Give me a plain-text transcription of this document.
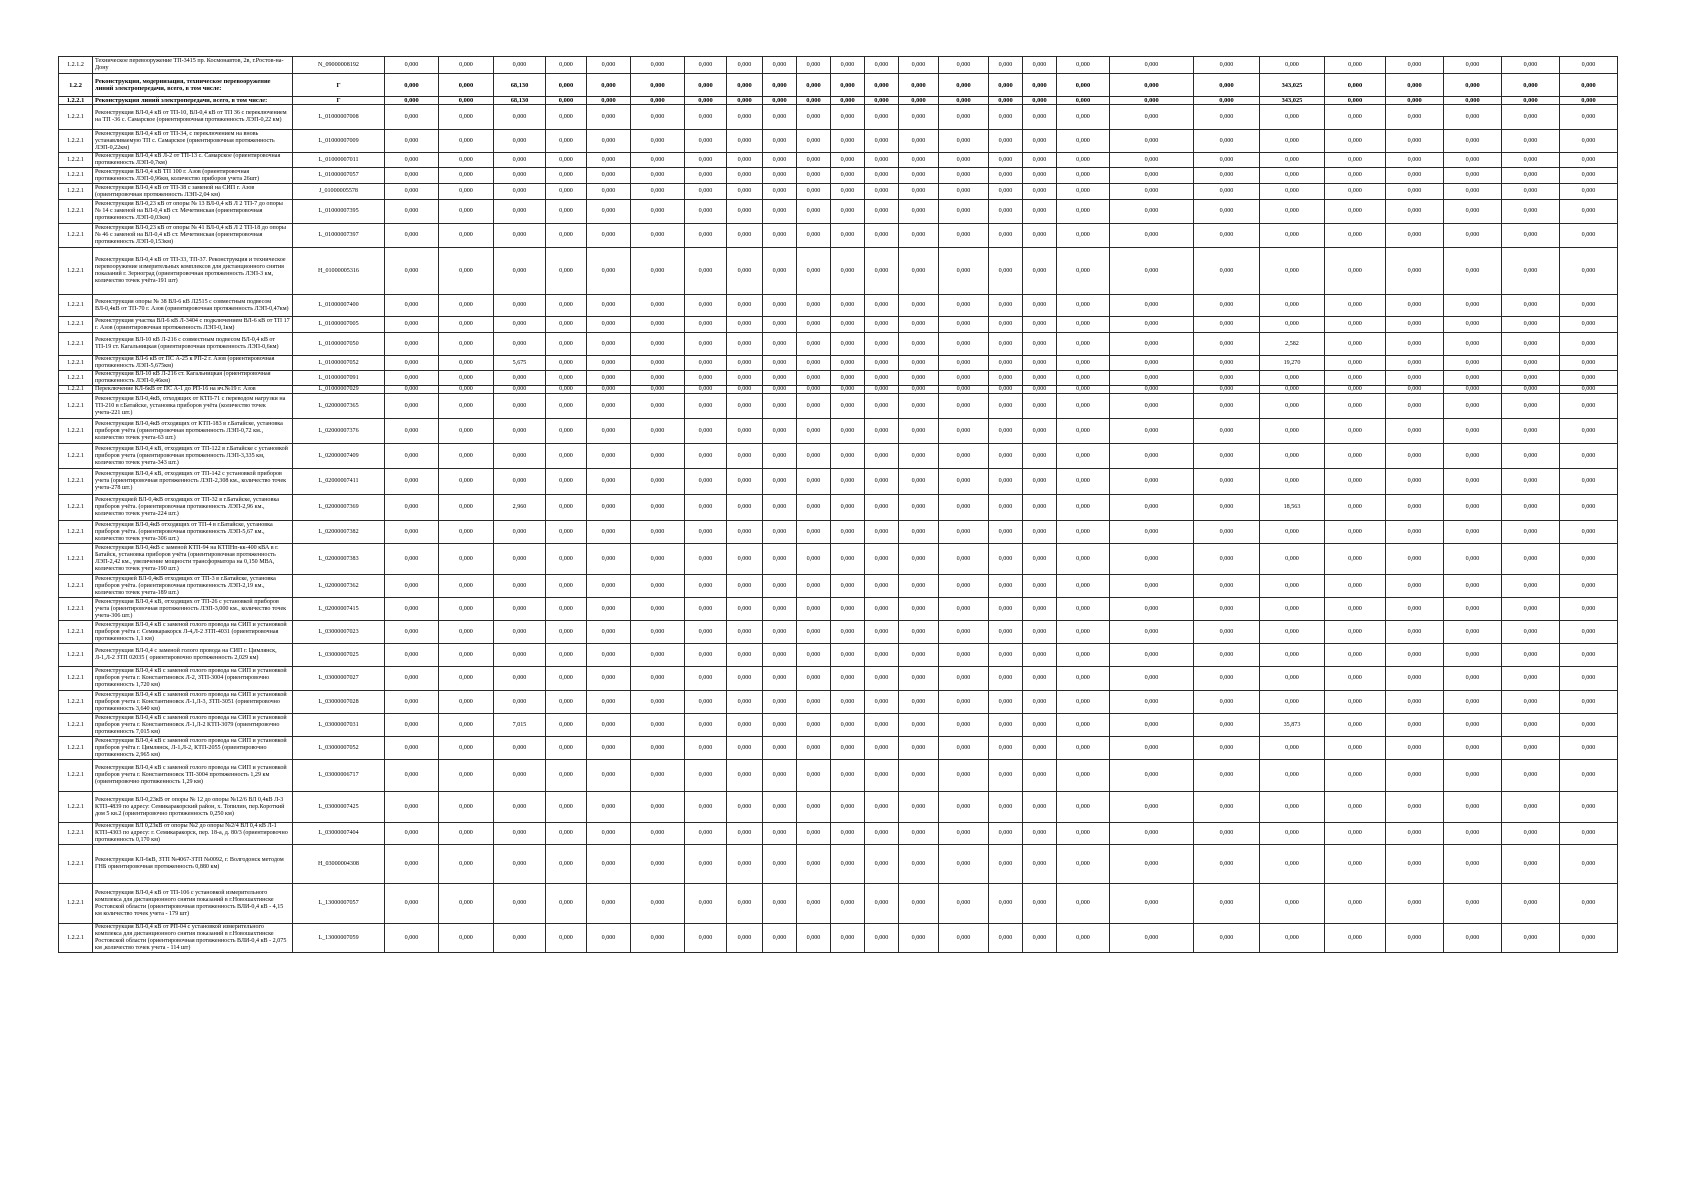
1.2.1.2	Техническое перевооружение ТП-3415 пр. Космонавтов, 2в, г.Ростов-на-Дону	N_09000008192	0,000	0,000	0,000	0,000	0,000	0,000	0,000	0,000	0,000	0,000	0,000	0,000	0,000	0,000	0,000	0,000	0,000	0,000	0,000	0,000	0,000	0,000	0,000	0,000	0,000	
1.2.2	Реконструкция, модернизация, техническое перевооружение линий электропередачи, всего, в том числе:	Г	0,000	0,000	68,130	0,000	0,000	0,000	0,000	0,000	0,000	0,000	0,000	0,000	0,000	0,000	0,000	0,000	0,000	0,000	0,000	343,025	0,000	0,000	0,000	0,000	0,000	
1.2.2.1	Реконструкция линий электропередачи, всего, в том числе:	Г	0,000	0,000	68,130	0,000	0,000	0,000	0,000	0,000	0,000	0,000	0,000	0,000	0,000	0,000	0,000	0,000	0,000	0,000	0,000	343,025	0,000	0,000	0,000	0,000	0,000	
1.2.2.1	Реконструкция ВЛ-0,4 кВ от ТП-10, ВЛ-0,4 кВ от ТП 36 с переключением на ТП -36 с. Самарское (ориентировочная протяженность ЛЭП-0,22 км)	L_01000007008	0,000	0,000	0,000	0,000	0,000	0,000	0,000	0,000	0,000	0,000	0,000	0,000	0,000	0,000	0,000	0,000	0,000	0,000	0,000	0,000	0,000	0,000	0,000	0,000	0,000	
1.2.2.1	Реконструкция ВЛ-0,4 кВ от ТП-34, с переключением на вновь устанавливаемую ТП с. Самарское (ориентировочная протяженность ЛЭП-0,22км)	L_01000007009	0,000	0,000	0,000	0,000	0,000	0,000	0,000	0,000	0,000	0,000	0,000	0,000	0,000	0,000	0,000	0,000	0,000	0,000	0,000	0,000	0,000	0,000	0,000	0,000	0,000	
1.2.2.1	Реконструкция ВЛ-0,4 кВ Л-2 от ТП-13 с. Самарское (ориентировочная протяженность ЛЭП-0,7км)	L_01000007011	0,000	0,000	0,000	0,000	0,000	0,000	0,000	0,000	0,000	0,000	0,000	0,000	0,000	0,000	0,000	0,000	0,000	0,000	0,000	0,000	0,000	0,000	0,000	0,000	0,000	
1.2.2.1	Реконструкция ВЛ-0,4 кВ ТП 100 г. Азов (ориентировочная протяженность ЛЭП-0,96км, количество приборов учета 26шт)	L_01000007057	0,000	0,000	0,000	0,000	0,000	0,000	0,000	0,000	0,000	0,000	0,000	0,000	0,000	0,000	0,000	0,000	0,000	0,000	0,000	0,000	0,000	0,000	0,000	0,000	0,000	
1.2.2.1	Реконструкция ВЛ-0,4 кВ от ТП-38 с заменой на СИП г. Азов (ориентировочная протяженность ЛЭП-2,04 км)	J_01000005578	0,000	0,000	0,000	0,000	0,000	0,000	0,000	0,000	0,000	0,000	0,000	0,000	0,000	0,000	0,000	0,000	0,000	0,000	0,000	0,000	0,000	0,000	0,000	0,000	0,000	
1.2.2.1	Реконструкция ВЛ-0,23 кВ от опоры № 13 ВЛ-0,4 кВ Л 2 ТП-7 до опоры № 14 с заменой на ВЛ-0,4 кВ ст. Мечетинская (ориентировочная протяженность ЛЭП-0,03км)	L_01000007395	0,000	0,000	0,000	0,000	0,000	0,000	0,000	0,000	0,000	0,000	0,000	0,000	0,000	0,000	0,000	0,000	0,000	0,000	0,000	0,000	0,000	0,000	0,000	0,000	0,000	
1.2.2.1	Реконструкция ВЛ-0,23 кВ от опоры № 41 ВЛ-0,4 кВ Л 2 ТП-18 до опоры № 46 с заменой на ВЛ-0,4 кВ ст. Мечетинская (ориентировочная протяженность ЛЭП-0,153км)	L_01000007397	0,000	0,000	0,000	0,000	0,000	0,000	0,000	0,000	0,000	0,000	0,000	0,000	0,000	0,000	0,000	0,000	0,000	0,000	0,000	0,000	0,000	0,000	0,000	0,000	0,000	
1.2.2.1	Реконструкция ВЛ-0,4 кВ от ТП-33, ТП-37. Реконструкция и техническое перевооружение измерительных комплексов для дистанционного снятия показаний г. Зерноград (ориентировочная протяженность ЛЭП-3 км, количество точек учёта-191 шт)	H_01000005316	0,000	0,000	0,000	0,000	0,000	0,000	0,000	0,000	0,000	0,000	0,000	0,000	0,000	0,000	0,000	0,000	0,000	0,000	0,000	0,000	0,000	0,000	0,000	0,000	0,000	
1.2.2.1	Реконструкция опоры № 38 ВЛ-6 кВ Л2515 с совместным подвесом ВЛ-0,4кВ от ТП-70 г. Азов (ориентировочная протяженность ЛЭП-0,47км)	L_01000007400	0,000	0,000	0,000	0,000	0,000	0,000	0,000	0,000	0,000	0,000	0,000	0,000	0,000	0,000	0,000	0,000	0,000	0,000	0,000	0,000	0,000	0,000	0,000	0,000	0,000	
1.2.2.1	Реконструкция участка ВЛ-6 кВ Л-3404 с подключением ВЛ-6 кВ от ТП 17 г. Азов (ориентировочная протяженность ЛЭП-0,1км)	L_01000007005	0,000	0,000	0,000	0,000	0,000	0,000	0,000	0,000	0,000	0,000	0,000	0,000	0,000	0,000	0,000	0,000	0,000	0,000	0,000	0,000	0,000	0,000	0,000	0,000	0,000	
1.2.2.1	Реконструкция ВЛ-10 кВ Л-216 с совместным подвесом ВЛ-0,4 кВ от ТП-19 ст. Кагальницкая (ориентировочная протяженность ЛЭП-0,6км)	L_01000007050	0,000	0,000	0,000	0,000	0,000	0,000	0,000	0,000	0,000	0,000	0,000	0,000	0,000	0,000	0,000	0,000	0,000	0,000	0,000	2,582	0,000	0,000	0,000	0,000	0,000	
1.2.2.1	Реконструкция ВЛ-6 кВ от ПС А-25 к РП-2 г. Азов (ориентировочная протяженность ЛЭП-5,675км)	L_01000007052	0,000	0,000	5,675	0,000	0,000	0,000	0,000	0,000	0,000	0,000	0,000	0,000	0,000	0,000	0,000	0,000	0,000	0,000	0,000	19,270	0,000	0,000	0,000	0,000	0,000	
1.2.2.1	Реконструкция ВЛ-10 кВ Л-216 ст. Кагальницкая (ориентировочная протяженность ЛЭП-0,46км)	L_01000007091	0,000	0,000	0,000	0,000	0,000	0,000	0,000	0,000	0,000	0,000	0,000	0,000	0,000	0,000	0,000	0,000	0,000	0,000	0,000	0,000	0,000	0,000	0,000	0,000	0,000	
1.2.2.1	Переключение КЛ-6кВ от ПС А-1 до РП-16 на яч.№19 г. Азов	L_01000007029	0,000	0,000	0,000	0,000	0,000	0,000	0,000	0,000	0,000	0,000	0,000	0,000	0,000	0,000	0,000	0,000	0,000	0,000	0,000	0,000	0,000	0,000	0,000	0,000	0,000	
1.2.2.1	Реконструкция ВЛ-0,4кВ, отходящих от КТП-71 с переводом нагрузки на ТП-210 в г.Батайске, установка приборов учёта (количество точек учета-221 шт.)	L_02000007365	0,000	0,000	0,000	0,000	0,000	0,000	0,000	0,000	0,000	0,000	0,000	0,000	0,000	0,000	0,000	0,000	0,000	0,000	0,000	0,000	0,000	0,000	0,000	0,000	0,000	
1.2.2.1	Реконструкция ВЛ-0,4кВ отходящих от КТП-183 в г.Батайске, установка приборов учёта (ориентировочная протяженность ЛЭП-0,72 км., количество точек учета-63 шт.)	L_02000007376	0,000	0,000	0,000	0,000	0,000	0,000	0,000	0,000	0,000	0,000	0,000	0,000	0,000	0,000	0,000	0,000	0,000	0,000	0,000	0,000	0,000	0,000	0,000	0,000	0,000	
1.2.2.1	Реконструкция ВЛ-0,4 кВ, отходящих от ТП-122 в г.Батайске с установкой приборов учета (ориентировочная протяженность ЛЭП-3,335 км, количество точек учета-343 шт.)	L_02000007409	0,000	0,000	0,000	0,000	0,000	0,000	0,000	0,000	0,000	0,000	0,000	0,000	0,000	0,000	0,000	0,000	0,000	0,000	0,000	0,000	0,000	0,000	0,000	0,000	0,000	
1.2.2.1	Реконструкция ВЛ-0,4 кВ, отходящих от ТП-142 с установкой приборов учета (ориентировочная протяженность ЛЭП-2,308 км., количество точек учета-278 шт.)	L_02000007411	0,000	0,000	0,000	0,000	0,000	0,000	0,000	0,000	0,000	0,000	0,000	0,000	0,000	0,000	0,000	0,000	0,000	0,000	0,000	0,000	0,000	0,000	0,000	0,000	0,000	
1.2.2.1	Реконструкцией ВЛ-0,4кВ отходящих от ТП-32 в г.Батайске, установка приборов учёта. (ориентировочная протяженность ЛЭП-2,96 км., количество точек учета-224 шт.)	L_02000007369	0,000	0,000	2,960	0,000	0,000	0,000	0,000	0,000	0,000	0,000	0,000	0,000	0,000	0,000	0,000	0,000	0,000	0,000	0,000	18,563	0,000	0,000	0,000	0,000	0,000	
1.2.2.1	Реконструкция ВЛ-0,4кВ отходящих от ТП-4 в г.Батайске, установка приборов учёта. (ориентировочная протяженность ЛЭП-5,67 км., количество точек учета-306 шт.)	L_02000007382	0,000	0,000	0,000	0,000	0,000	0,000	0,000	0,000	0,000	0,000	0,000	0,000	0,000	0,000	0,000	0,000	0,000	0,000	0,000	0,000	0,000	0,000	0,000	0,000	0,000	
1.2.2.1	Реконструкция ВЛ-0,4кВ с заменой КТП-94 на КТПНп-кк-400 кВА в г. Батайск, установка приборов учёта (ориентировочная протяженность ЛЭП-2,42 км., увеличение мощности трансформатора на 0,150 МВА, количество точек учета-190 шт.)	L_02000007383	0,000	0,000	0,000	0,000	0,000	0,000	0,000	0,000	0,000	0,000	0,000	0,000	0,000	0,000	0,000	0,000	0,000	0,000	0,000	0,000	0,000	0,000	0,000	0,000	0,000	
1.2.2.1	Реконструкцией ВЛ-0,4кВ отходящих от ТП-3 в г.Батайске, установка приборов учёта. (ориентировочная протяженность ЛЭП-2,19 км., количество точек учета-189 шт.)	L_02000007362	0,000	0,000	0,000	0,000	0,000	0,000	0,000	0,000	0,000	0,000	0,000	0,000	0,000	0,000	0,000	0,000	0,000	0,000	0,000	0,000	0,000	0,000	0,000	0,000	0,000	
1.2.2.1	Реконструкция ВЛ-0,4 кВ, отходящих от ТП-26 с установкой приборов учета (ориентировочная протяженность ЛЭП-3,000 км., количество точек учета-306 шт.)	L_02000007415	0,000	0,000	0,000	0,000	0,000	0,000	0,000	0,000	0,000	0,000	0,000	0,000	0,000	0,000	0,000	0,000	0,000	0,000	0,000	0,000	0,000	0,000	0,000	0,000	0,000	
1.2.2.1	Реконструкция ВЛ-0,4 кВ с заменой голого провода на СИП и установкой приборов учёта г. Семикаракорск Л-4,Л-2 ЗТП-4031 (ориентировочная протяженность 1,1 км)	L_03000007023	0,000	0,000	0,000	0,000	0,000	0,000	0,000	0,000	0,000	0,000	0,000	0,000	0,000	0,000	0,000	0,000	0,000	0,000	0,000	0,000	0,000	0,000	0,000	0,000	0,000	
1.2.2.1	Реконструкция ВЛ-0,4 с заменой голого провода на СИП г. Цимлянск, Л-1,Л-2 ЗТП 02035 ( ориентировочно протяженность 2,029 км)	L_03000007025	0,000	0,000	0,000	0,000	0,000	0,000	0,000	0,000	0,000	0,000	0,000	0,000	0,000	0,000	0,000	0,000	0,000	0,000	0,000	0,000	0,000	0,000	0,000	0,000	0,000	
1.2.2.1	Реконструкция ВЛ-0,4 кВ с заменой голого провода на СИП и установкой приборов учета г. Константиновск Л-2, ЗТП-3004 (ориентировочно протяженность 1,720 км)	L_03000007027	0,000	0,000	0,000	0,000	0,000	0,000	0,000	0,000	0,000	0,000	0,000	0,000	0,000	0,000	0,000	0,000	0,000	0,000	0,000	0,000	0,000	0,000	0,000	0,000	0,000	
1.2.2.1	Реконструкция ВЛ-0,4 кВ с заменой голого провода на СИП и установкой приборов учета г. Константиновск Л-1,Л-3, ЗТП-3051 (ориентировочно протяженность 3,640 км)	L_03000007028	0,000	0,000	0,000	0,000	0,000	0,000	0,000	0,000	0,000	0,000	0,000	0,000	0,000	0,000	0,000	0,000	0,000	0,000	0,000	0,000	0,000	0,000	0,000	0,000	0,000	
1.2.2.1	Реконструкция ВЛ-0,4 кВ с заменой голого провода на СИП и установкой приборов учета г. Константиновск Л-1,Л-2 КТП-3079 (ориентировочно протяженность 7,015 км)	L_03000007031	0,000	0,000	7,015	0,000	0,000	0,000	0,000	0,000	0,000	0,000	0,000	0,000	0,000	0,000	0,000	0,000	0,000	0,000	0,000	35,873	0,000	0,000	0,000	0,000	0,000	
1.2.2.1	Реконструкция ВЛ-0,4 кВ с заменой голого провода на СИП и установкой приборов учёта г. Цимлянск, Л-1,Л-2, КТП-2055 (ориентировочно протяженность 2,965 км)	L_03000007052	0,000	0,000	0,000	0,000	0,000	0,000	0,000	0,000	0,000	0,000	0,000	0,000	0,000	0,000	0,000	0,000	0,000	0,000	0,000	0,000	0,000	0,000	0,000	0,000	0,000	
1.2.2.1	Реконструкция ВЛ-0,4 кВ с заменой голого провода на СИП и установкой приборов учета г. Константиновск ТП-3004 протяженность 1,29 км (ориентировочно протяженность 1,29 км)	L_03000006717	0,000	0,000	0,000	0,000	0,000	0,000	0,000	0,000	0,000	0,000	0,000	0,000	0,000	0,000	0,000	0,000	0,000	0,000	0,000	0,000	0,000	0,000	0,000	0,000	0,000	
1.2.2.1	Реконструкция ВЛ-0,23кВ от опоры № 12 до опоры №12/6 ВЛ 0,4кВ Л-3 КТП-4839 по адресу: Семикаракорский район, х. Топилин, пер.Короткий дом 5 кв.2 (ориентировочно протяженность 0,250 км)	L_03000007425	0,000	0,000	0,000	0,000	0,000	0,000	0,000	0,000	0,000	0,000	0,000	0,000	0,000	0,000	0,000	0,000	0,000	0,000	0,000	0,000	0,000	0,000	0,000	0,000	0,000	
1.2.2.1	Реконструкция ВЛ 0,23кВ от опоры №2 до опоры №2/4 ВЛ 0,4 кВ Л-1 КТП-4303 по адресу: г. Семикаракорск, пер. 18-а, д. 80/3 (ориентировочно протяженность 0,170 км)	L_03000007404	0,000	0,000	0,000	0,000	0,000	0,000	0,000	0,000	0,000	0,000	0,000	0,000	0,000	0,000	0,000	0,000	0,000	0,000	0,000	0,000	0,000	0,000	0,000	0,000	0,000	
1.2.2.1	Реконструкция КЛ-6кВ, ЗТП №4067-ЗТП №0092, г. Волгодонск методом ГНБ ориентировочная протяженность 0,880 км)	H_03000004308	0,000	0,000	0,000	0,000	0,000	0,000	0,000	0,000	0,000	0,000	0,000	0,000	0,000	0,000	0,000	0,000	0,000	0,000	0,000	0,000	0,000	0,000	0,000	0,000	0,000	
1.2.2.1	Реконструкция ВЛ-0,4 кВ от ТП-106 с установкой измерительного комплекса для дистанционного снятия показаний в г.Новошахтинске Ростовской области (ориентировочная протяженность ВЛИ-0,4 кВ - 4,15 км количество точек учета - 179 шт)	L_13000007057	0,000	0,000	0,000	0,000	0,000	0,000	0,000	0,000	0,000	0,000	0,000	0,000	0,000	0,000	0,000	0,000	0,000	0,000	0,000	0,000	0,000	0,000	0,000	0,000	0,000	
1.2.2.1	Реконструкция ВЛ-0,4 кВ от РП-04 с установкой измерительного комплекса для дистанционного снятия показаний в г.Новошахтинске Ростовской области (ориентировочная протяженность ВЛИ-0,4 кВ - 2,075 км ,количество точек учета - 114 шт)	L_13000007059	0,000	0,000	0,000	0,000	0,000	0,000	0,000	0,000	0,000	0,000	0,000	0,000	0,000	0,000	0,000	0,000	0,000	0,000	0,000	0,000	0,000	0,000	0,000	0,000	0,000	
